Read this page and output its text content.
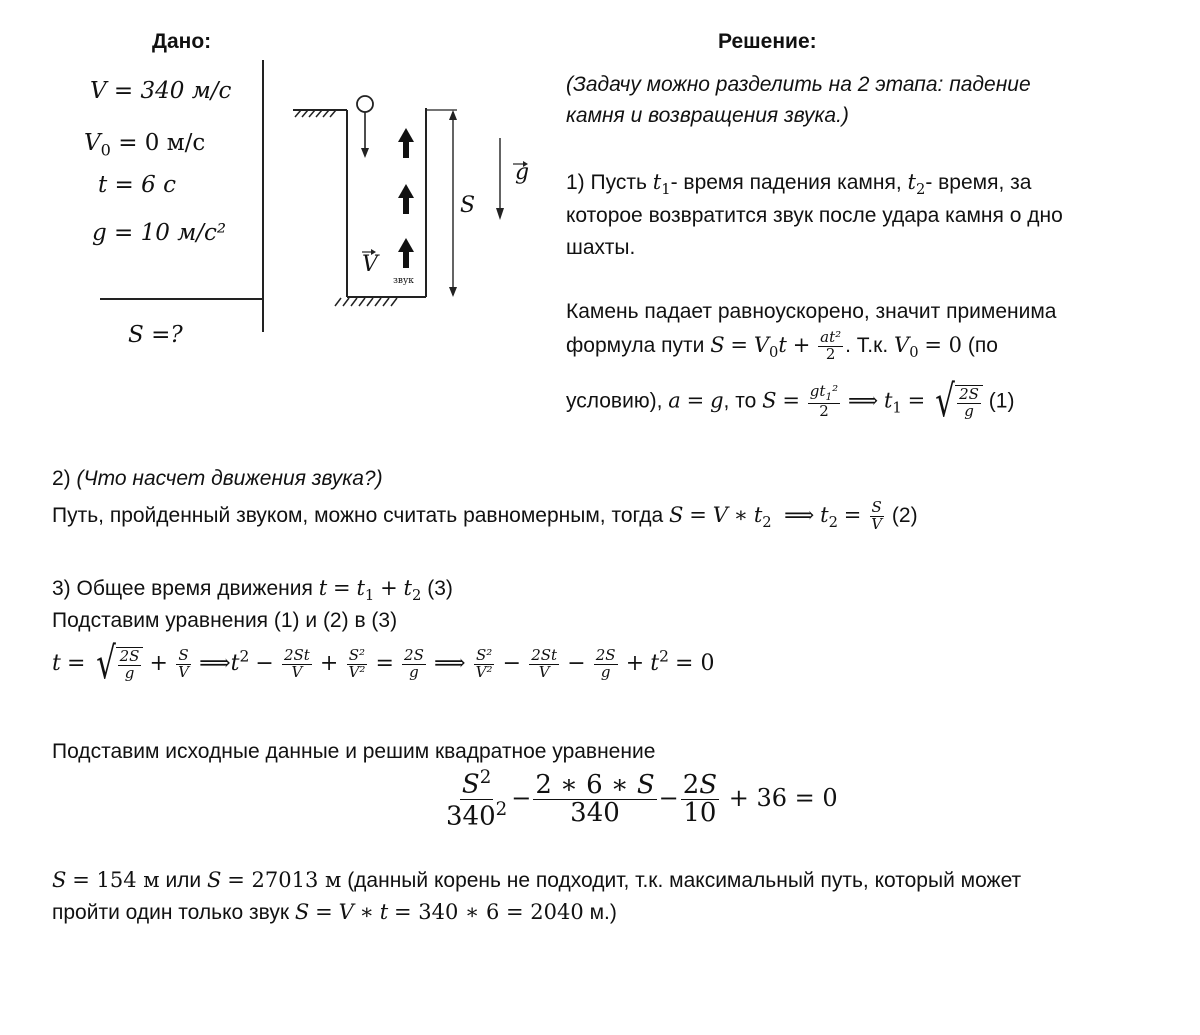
Дано:
V = 340 м/с
$V_0 = 0$ м/с
t = 6 с
g = 10 м/с²
S =?
g
S
V
звук
Решение:
(Задачу можно разделить на 2 этапа: падение
камня и возвращения звука.)
1) Пусть $t_1-$ время падения камня, $t_2-$ время, за
которое возвратится звук после удара камня о дно
шахты.
Камень падает равноускорено, значит применима
формула пути $S = V_0t + \frac{\text{at²}}{2}$ . Т.к. $V_0 = 0$ (по
условию), a = g, то $S = \frac{gt_1^2}{2}$ ⟹ $t_1$ = √ $\frac{2S}{g} (1)$
2) (Что насчет движения звука?)
Путь, пройденный звуком, можно считать равномерным, тогда S = V ∗ $t_2$  ⟹ $t_2 = \frac{S}{V} (2)$
3) Общее время движения $t = t_1 + t_2$ (3)
Подставим уравнения (1) и (2) в (3)
t = √ $\frac{2S}{g} + \frac{S}{V}$ $⟹t^2 - \frac{2St}{V} + \frac{\text{S²}}{\text{V²}} = \frac{2S}{g}$ ⟹ $\frac{\text{S²}}{\text{V²}} - \frac{2St}{V} - \frac{2S}{g} + t^2 = 0$
Подставим исходные данные и решим квадратное уравнение
$\frac{S^2}{340^2} - \frac{2 ∗ 6 ∗ S}{340} - \frac{2S}{10} + 36 = 0$
S = 154 м или S = 27013 м (данный корень не подходит, т.к. максимальный путь, который может
пройти один только звук S = V ∗ t = 340 ∗ 6 = 2040 м.)
